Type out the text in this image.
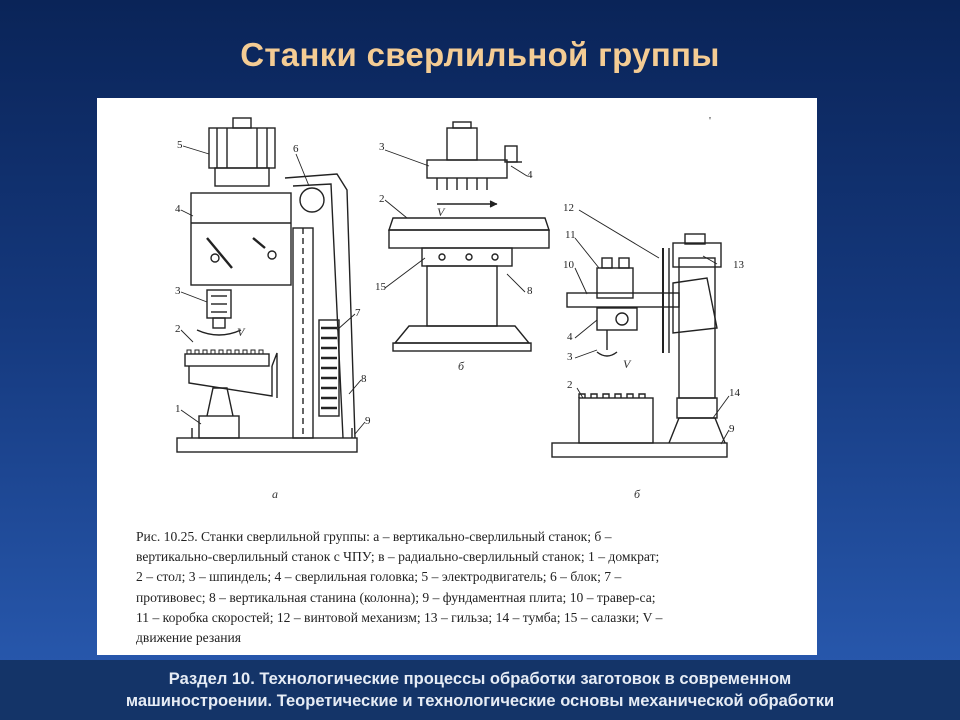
Станки сверлильной группы
5	6
4
3
V
2
7
8
1
9
3
4
V
2
15	8
12
11
10	13
4
3	V
2
14
9
а
б
б
'
Рис. 10.25. Станки сверлильной группы: а – вертикально-сверлильный станок; б –
вертикально-сверлильный станок с ЧПУ; в – радиально-сверлильный станок; 1 – домкрат;
2 – стол; 3 – шпиндель; 4 – сверлильная головка; 5 – электродвигатель; 6 – блок; 7 –
противовес; 8 – вертикальная станина (колонна); 9 – фундаментная плита; 10 – травер-са;
11 – коробка скоростей; 12 – винтовой механизм; 13 – гильза; 14 – тумба; 15 – салазки; V –
движение резания
Раздел 10. Технологические процессы обработки заготовок в современном
машиностроении. Теоретические и технологические основы механической обработки
